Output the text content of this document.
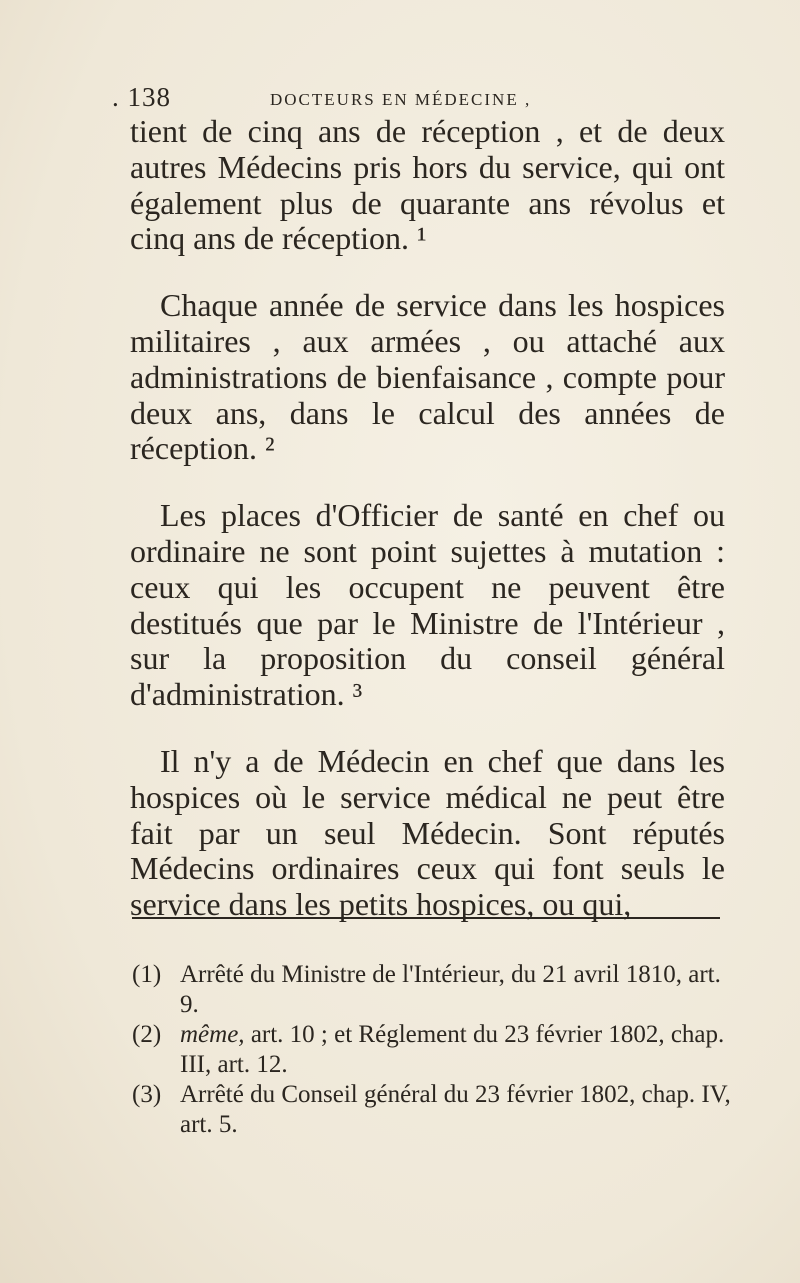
. 138	DOCTEURS EN MÉDECINE ,

tient de cinq ans de réception , et de deux autres Médecins pris hors du service, qui ont également plus de quarante ans révolus et cinq ans de réception. ¹

Chaque année de service dans les hospices militaires , aux armées , ou attaché aux administrations de bienfaisance , compte pour deux ans, dans le calcul des années de réception. ²

Les places d'Officier de santé en chef ou ordinaire ne sont point sujettes à mutation : ceux qui les occupent ne peuvent être destitués que par le Ministre de l'Intérieur , sur la proposition du conseil général d'administration. ³

Il n'y a de Médecin en chef que dans les hospices où le service médical ne peut être fait par un seul Médecin. Sont réputés Médecins ordinaires ceux qui font seuls le service dans les petits hospices, ou qui,

(1) Arrêté du Ministre de l'Intérieur, du 21 avril 1810, art. 9.
(2) même, art. 10 ; et Réglement du 23 février 1802, chap. III, art. 12.
(3) Arrêté du Conseil général du 23 février 1802, chap. IV, art. 5.
